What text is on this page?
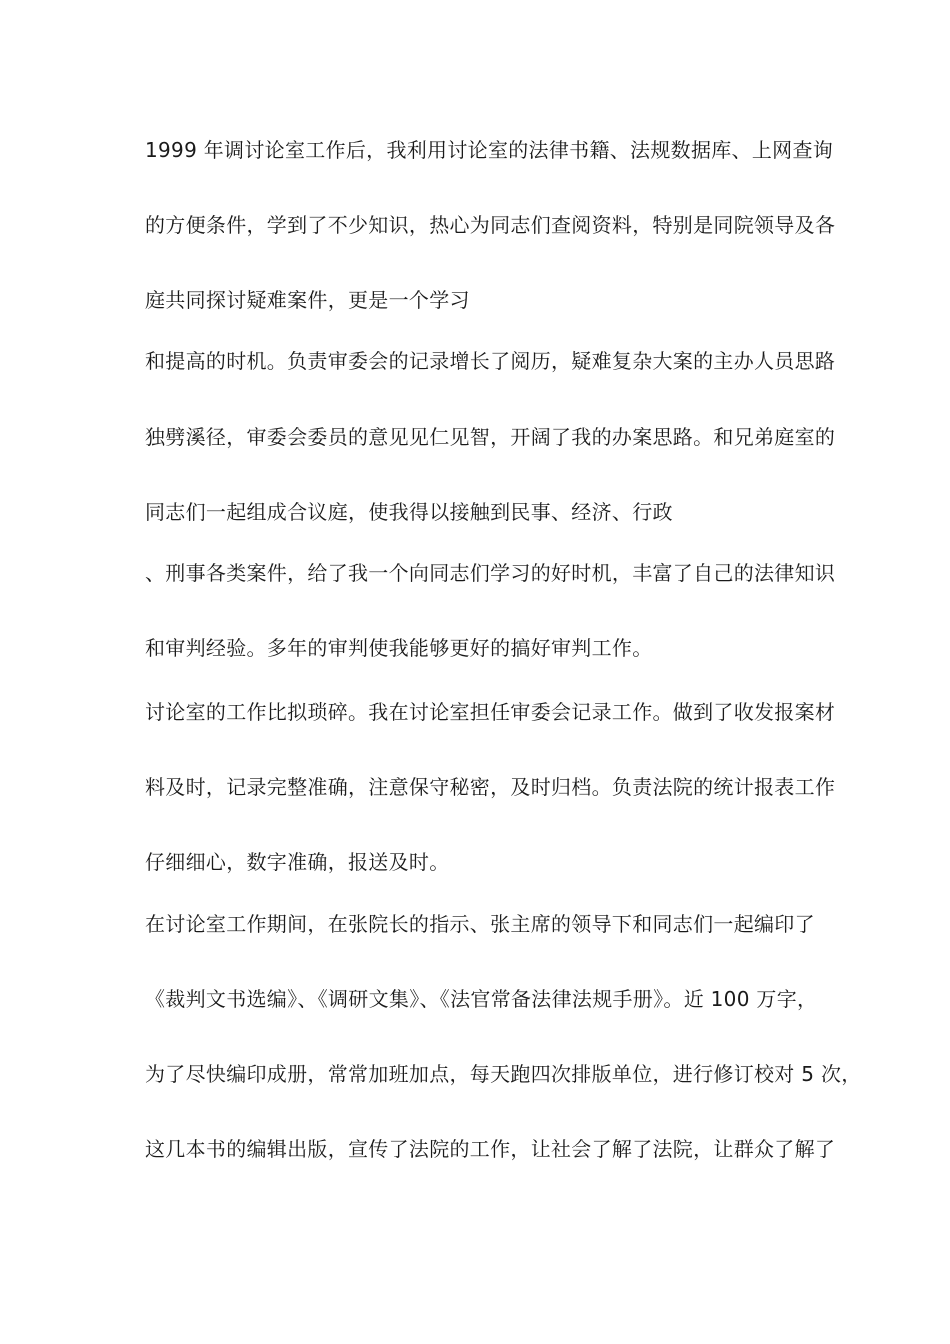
1999 年调讨论室工作后，我利用讨论室的法律书籍、法规数据库、上网查询
的方便条件，学到了不少知识，热心为同志们查阅资料，特别是同院领导及各
庭共同探讨疑难案件，更是一个学习
和提高的时机。负责审委会的记录增长了阅历，疑难复杂大案的主办人员思路
独劈溪径，审委会委员的意见见仁见智，开阔了我的办案思路。和兄弟庭室的
同志们一起组成合议庭，使我得以接触到民事、经济、行政
、刑事各类案件，给了我一个向同志们学习的好时机，丰富了自己的法律知识
和审判经验。多年的审判使我能够更好的搞好审判工作。
讨论室的工作比拟琐碎。我在讨论室担任审委会记录工作。做到了收发报案材
料及时，记录完整准确，注意保守秘密，及时归档。负责法院的统计报表工作
仔细细心，数字准确，报送及时。
在讨论室工作期间，在张院长的指示、张主席的领导下和同志们一起编印了
《裁判文书选编》、《调研文集》、《法官常备法律法规手册》。近 100 万字，
为了尽快编印成册，常常加班加点，每天跑四次排版单位，进行修订校对 5 次，
这几本书的编辑出版，宣传了法院的工作，让社会了解了法院，让群众了解了
